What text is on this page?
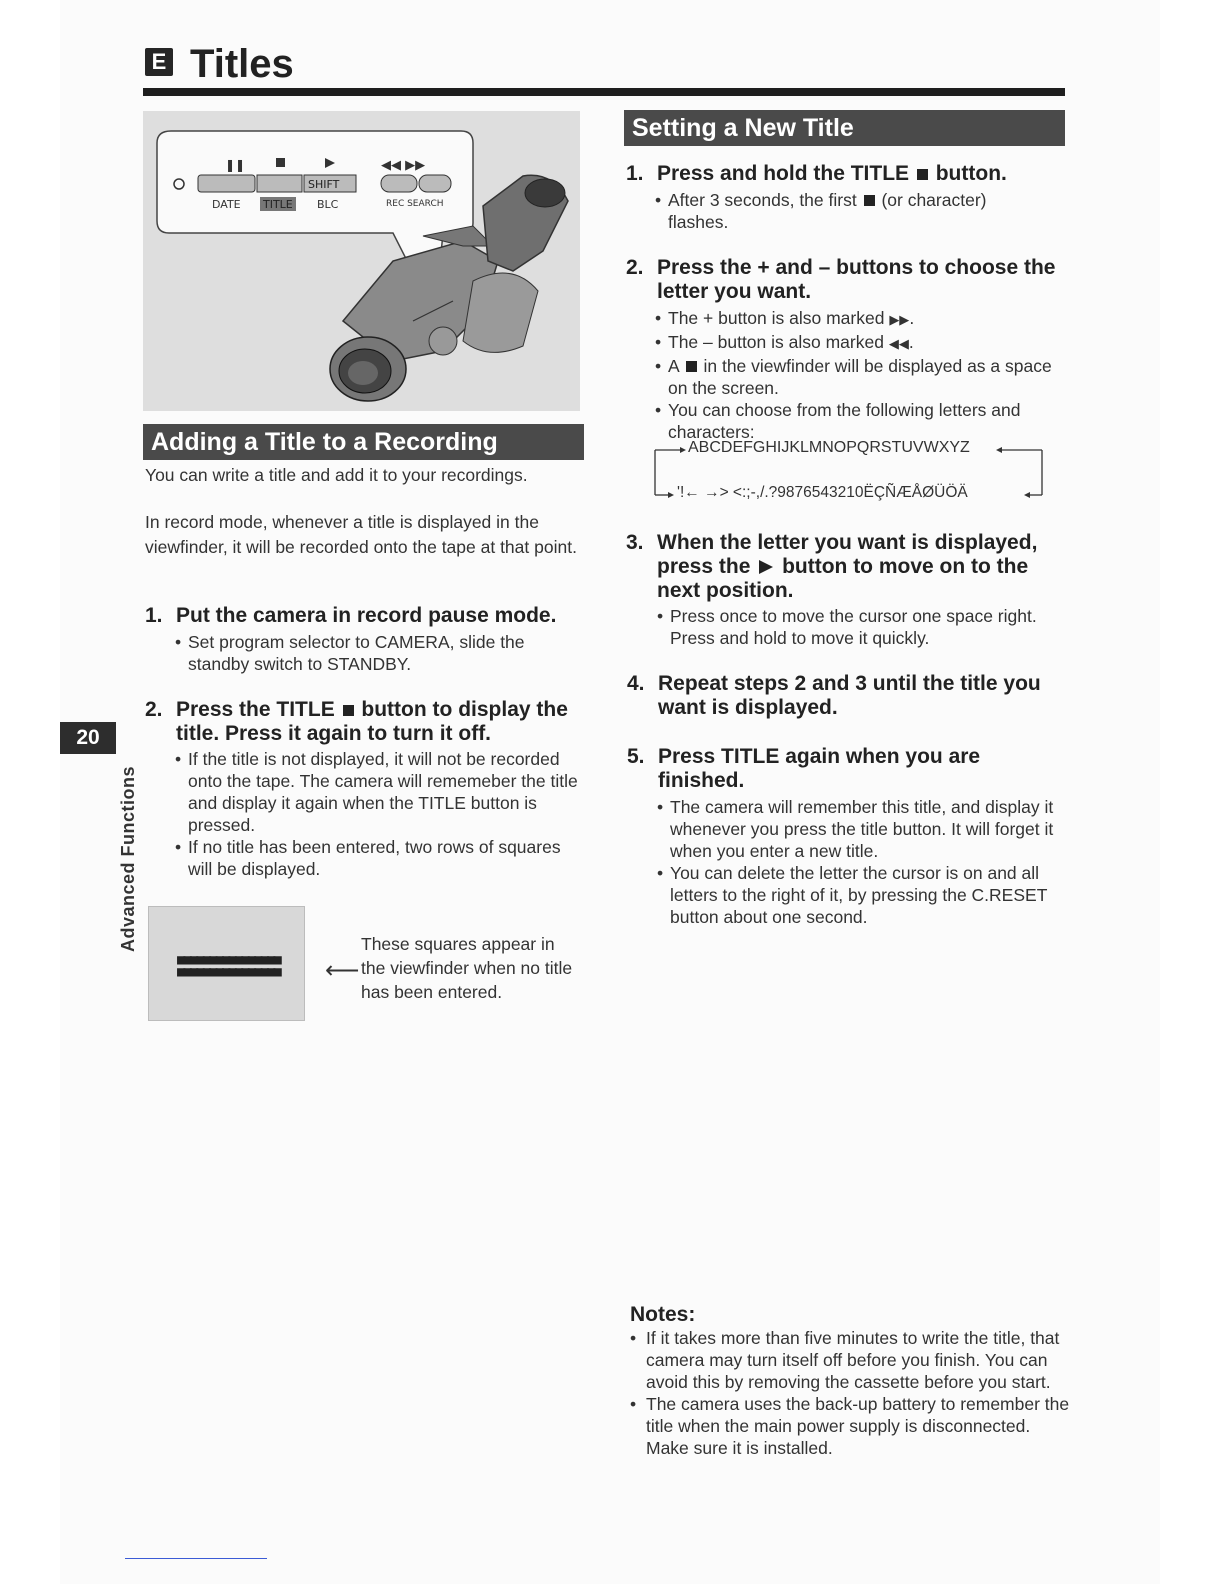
E Titles
❚❚	◀◀ ▶▶
SHIFT
DATE TITLE BLC	REC SEARCH
Adding a Title to a Recording

You can write a title and add it to your recordings.

In record mode, whenever a title is displayed in the viewfinder, it will be recorded onto the tape at that point.

1. Put the camera in record pause mode.
• Set program selector to CAMERA, slide the standby switch to STANDBY.
2. Press the TITLE button to display the
title. Press it again to turn it off.
• If the title is not displayed, it will not be recorded onto the tape. The camera will rememeber the title and display it again when the TITLE button is pressed.
• If no title has been entered, two rows of squares will be displayed.
■■■■■■■■■■■■■■■■
■■■■■■■■■■■■■■■■ ⟵

These squares appear in the viewfinder when no title has been entered.

Setting a New Title
1. Press and hold the TITLE button.
• After 3 seconds, the first (or character) flashes.
2. Press the + and – buttons to choose the letter you want.
• The + button is also marked ▶▶.
• The – button is also marked ◀◀.
• A in the viewfinder will be displayed as a space on the screen.
• You can choose from the following letters and characters:
ABCDEFGHIJKLMNOPQRSTUVWXYZ
'!← →> <:;-,/.?9876543210ËÇÑÆÅØÜÖÄ
3. When the letter you want is displayed,
press the button to move on to the
next position.
• Press once to move the cursor one space right. Press and hold to move it quickly.
4. Repeat steps 2 and 3 until the title you want is displayed.
5. Press TITLE again when you are finished.
• The camera will remember this title, and display it whenever you press the title button. It will forget it when you enter a new title.
• You can delete the letter the cursor is on and all letters to the right of it, by pressing the C.RESET button about one second.
Notes:
• If it takes more than five minutes to write the title, that camera may turn itself off before you finish. You can avoid this by removing the cassette before you start.
• The camera uses the back-up battery to remember the title when the main power supply is disconnected. Make sure it is installed.
20
Advanced Functions
